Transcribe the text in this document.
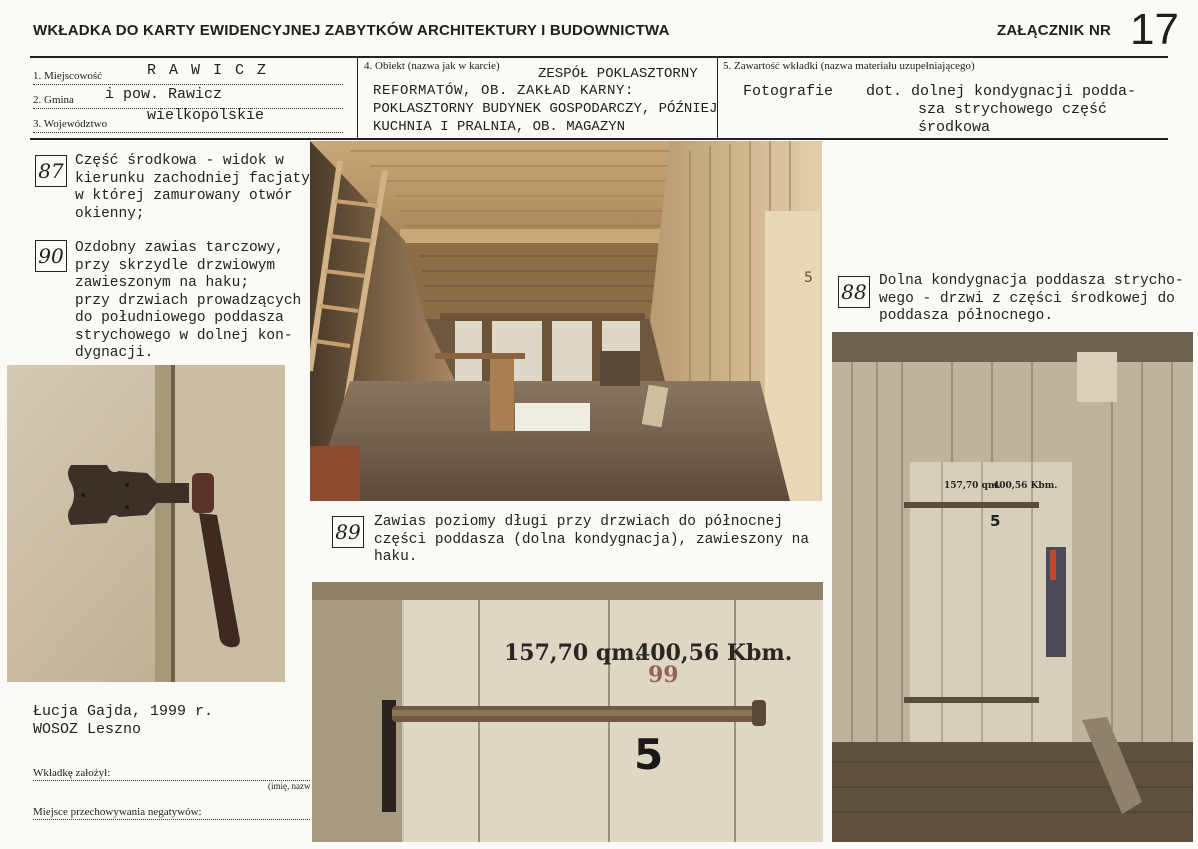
WKŁADKA DO KARTY EWIDENCYJNEJ ZABYTKÓW ARCHITEKTURY I BUDOWNICTWA	ZAŁĄCZNIK NR 17
1. Miejscowość	R A W I C Z
2. Gmina	i pow. Rawicz
3. Województwo	wielkopolskie
4. Obiekt (nazwa jak w karcie)	ZESPÓŁ POKLASZTORNY
REFORMATÓW, OB. ZAKŁAD KARNY:
POKLASZTORNY BUDYNEK GOSPODARCZY, PÓŹNIEJ
KUCHNIA I PRALNIA, OB. MAGAZYN
5. Zawartość wkładki (nazwa materiału uzupełniającego)
Fotografie dot. dolnej kondygnacji podda-
sza strychowego część
środkowa
87 Część środkowa - widok w
kierunku zachodniej facjaty
w której zamurowany otwór
okienny;
90 Ozdobny zawias tarczowy,
przy skrzydle drzwiowym
zawieszonym na haku;
przy drzwiach prowadzących
do południowego poddasza
strychowego w dolnej kon-
dygnacji.
88 Dolna kondygnacja poddasza strycho-
wego - drzwi z części środkowej do
poddasza północnego.
89 Zawias poziomy długi przy drzwiach do północnej
części poddasza (dolna kondygnacja), zawieszony na
haku.
157,70 qm.
400,56 Kbm.
99
5
157,70 qm.
400,56 Kbm.
5
5
Łucja Gajda, 1999 r.
WOSOZ Leszno
Wkładkę założył:
(imię, nazw
Miejsce przechowywania negatywów:
